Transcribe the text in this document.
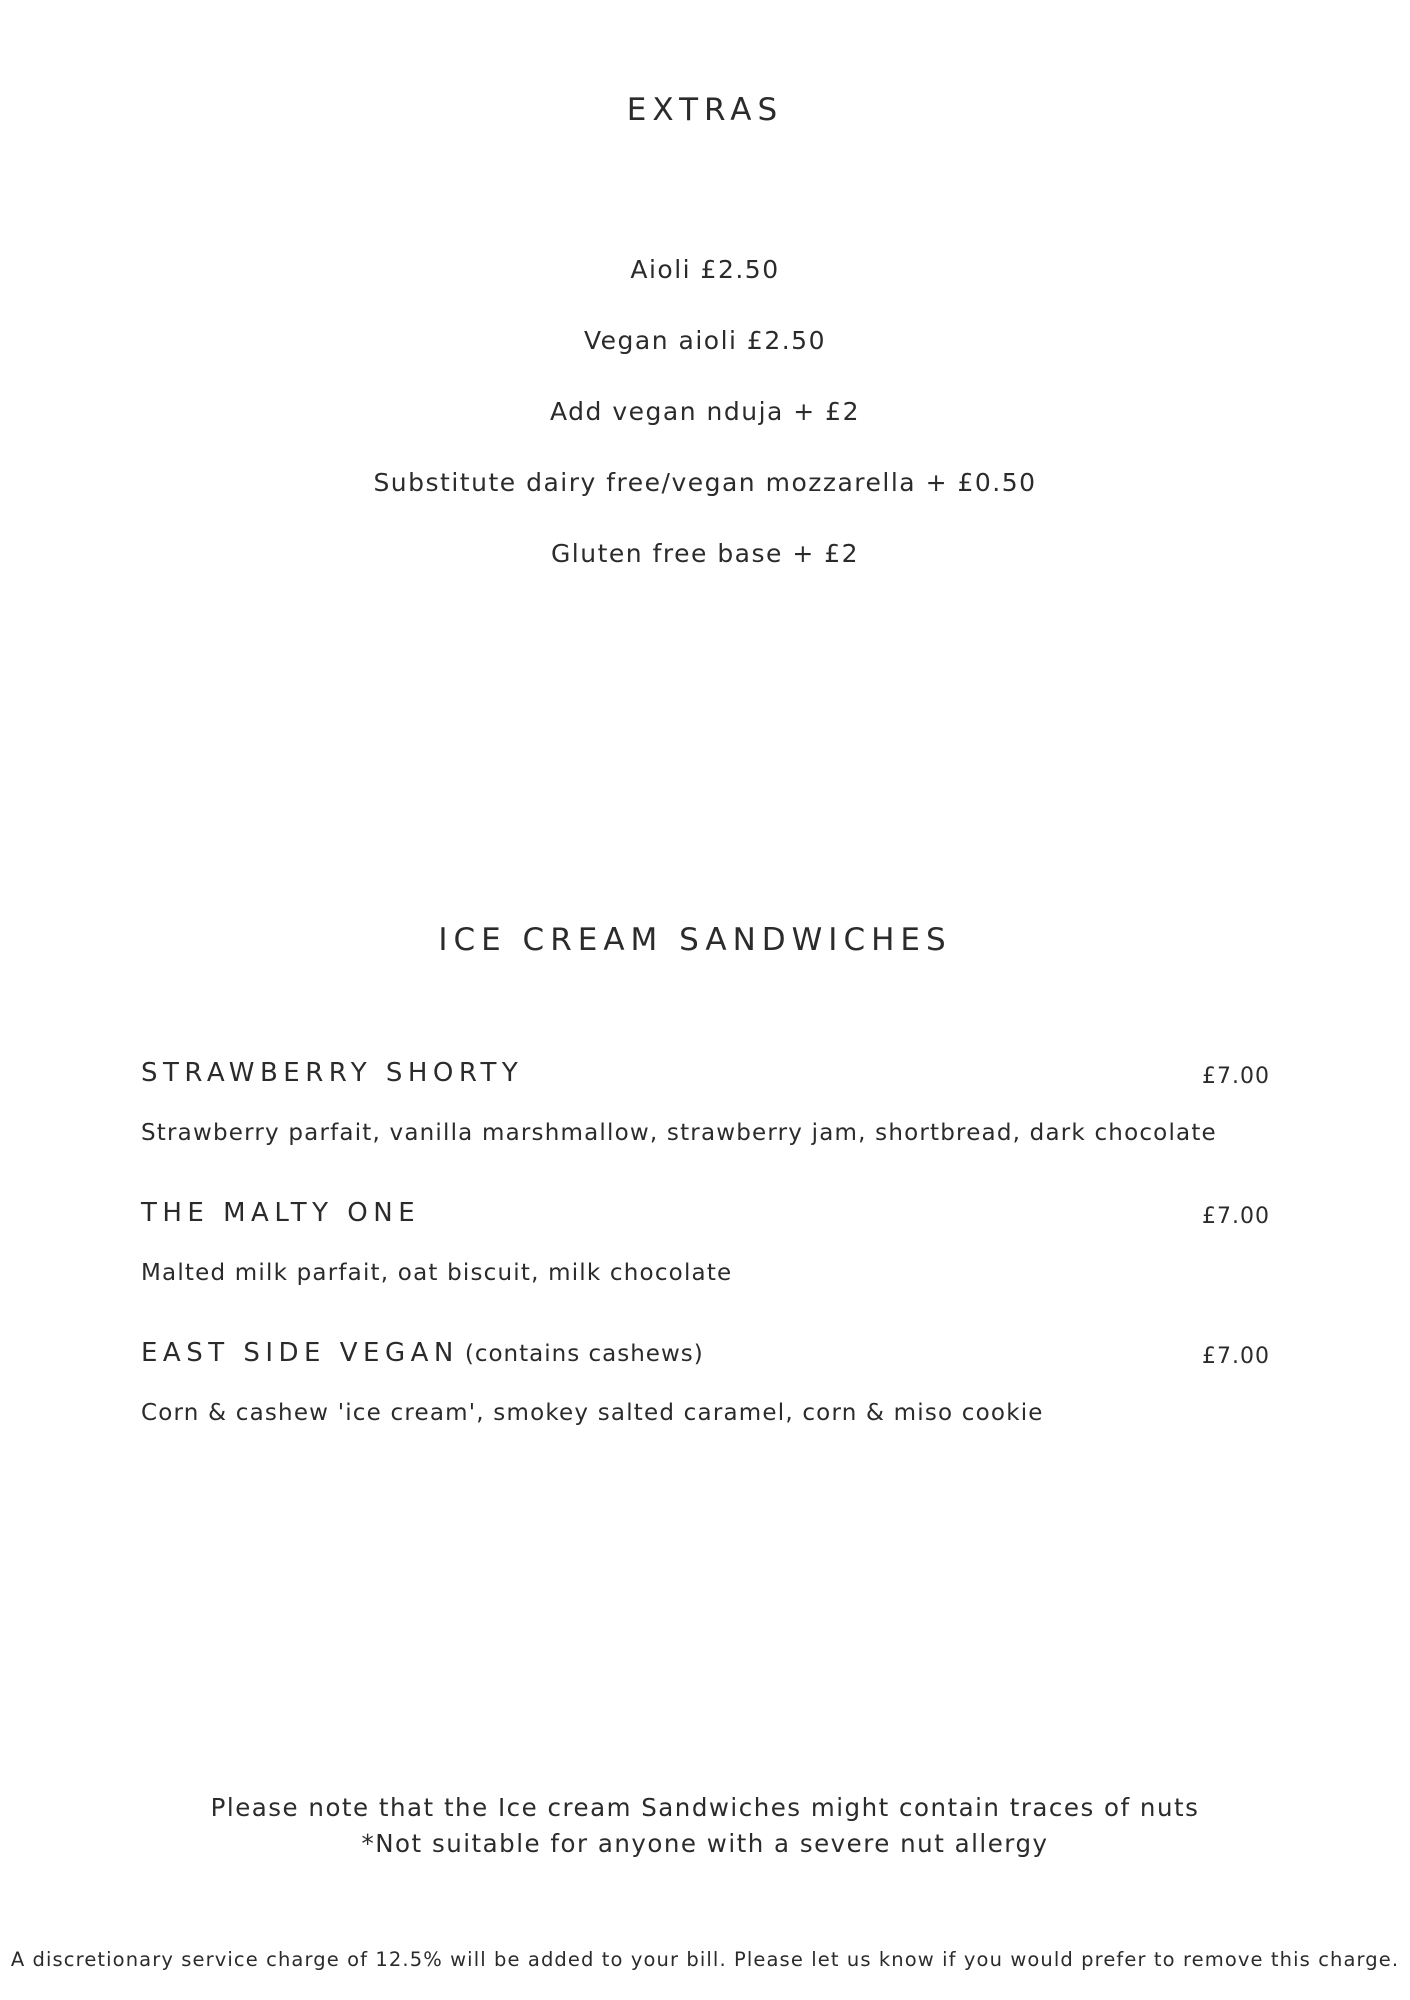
EXTRAS
Aioli £2.50
Vegan aioli £2.50
Add vegan nduja + £2
Substitute dairy free/vegan mozzarella + £0.50
Gluten free base + £2
ICE CREAM SANDWICHES
STRAWBERRY SHORTY	£7.00
Strawberry parfait, vanilla marshmallow, strawberry jam, shortbread, dark chocolate
THE MALTY ONE	£7.00
Malted milk parfait, oat biscuit, milk chocolate
EAST SIDE VEGAN (contains cashews)	£7.00
Corn & cashew 'ice cream', smokey salted caramel, corn & miso cookie
Please note that the Ice cream Sandwiches might contain traces of nuts
*Not suitable for anyone with a severe nut allergy
A discretionary service charge of 12.5% will be added to your bill. Please let us know if you would prefer to remove this charge.
